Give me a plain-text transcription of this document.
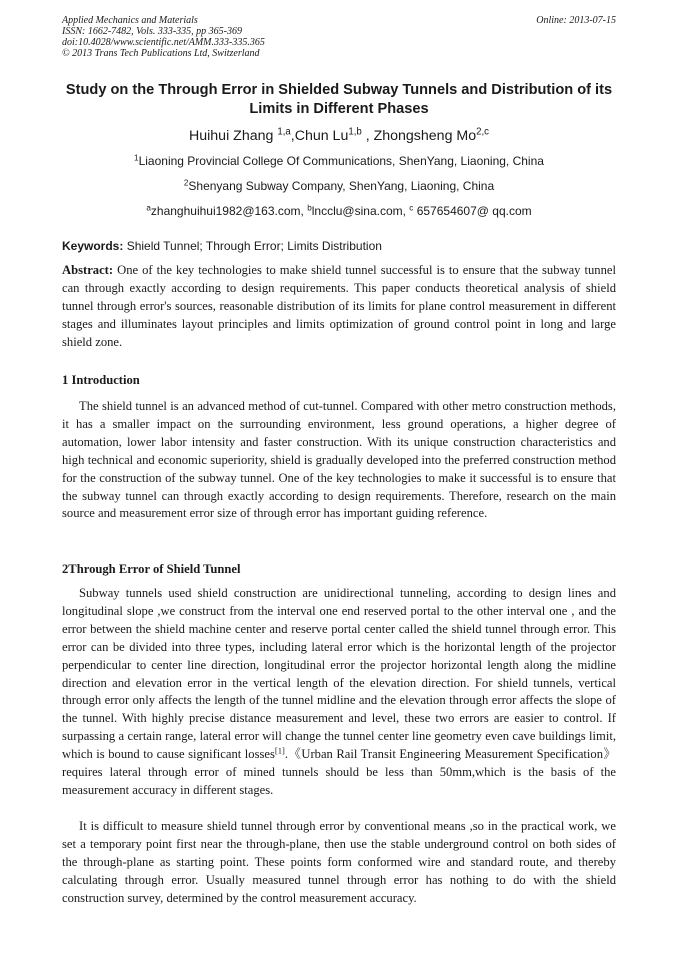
Applied Mechanics and Materials
ISSN: 1662-7482, Vols. 333-335, pp 365-369
doi:10.4028/www.scientific.net/AMM.333-335.365
© 2013 Trans Tech Publications Ltd, Switzerland
Online: 2013-07-15
Study on the Through Error in Shielded Subway Tunnels and Distribution of its Limits in Different Phases
Huihui Zhang $^{1,a}$,Chun Lu$^{1,b}$ , Zhongsheng Mo$^{2,c}$
$^1$Liaoning Provincial College Of Communications, ShenYang, Liaoning, China
$^2$Shenyang Subway Company, ShenYang, Liaoning, China
$^a$zhanghuihui1982@163.com, $^b$lncclu@sina.com, $^c$ 657654607@ qq.com
Keywords: Shield Tunnel; Through Error; Limits Distribution
Abstract: One of the key technologies to make shield tunnel successful is to ensure that the subway tunnel can through exactly according to design requirements. This paper conducts theoretical analysis of shield tunnel through error's sources, reasonable distribution of its limits for plane control measurement in different stages and illuminates layout principles and limits optimization of ground control point in long and large shield zone.
1 Introduction
The shield tunnel is an advanced method of cut-tunnel. Compared with other metro construction methods, it has a smaller impact on the surrounding environment, less ground operations, a higher degree of automation, lower labor intensity and faster construction. With its unique construction characteristics and high technical and economic superiority, shield is gradually developed into the preferred construction method for the construction of the subway tunnel. One of the key technologies to make it successful is to ensure that the subway tunnel can through exactly according to design requirements. Therefore, research on the main source and measurement error size of through error has important guiding reference.
2Through Error of Shield Tunnel
Subway tunnels used shield construction are unidirectional tunneling, according to design lines and longitudinal slope ,we construct from the interval one end reserved portal to the other interval one , and the error between the shield machine center and reserve portal center called the shield tunnel through error. This error can be divided into three types, including lateral error which is the horizontal length of the projector perpendicular to center line direction, longitudinal error the projector horizontal length along the midline direction and elevation error in the vertical length of the elevation direction. For shield tunnels, vertical through error only affects the length of the tunnel midline and the elevation through error affects the slope of the tunnel. With highly precise distance measurement and level, these two errors are easier to control. If surpassing a certain range, lateral error will change the tunnel center line geometry even cave buildings limit, which is bound to cause significant losses[1].《Urban Rail Transit Engineering Measurement Specification》requires lateral through error of mined tunnels should be less than 50mm,which is the basis of the measurement accuracy in different stages.
It is difficult to measure shield tunnel through error by conventional means ,so in the practical work, we set a temporary point first near the through-plane, then use the stable underground control on both sides of the through-plane as starting point. These points form conformed wire and standard route, and thereby calculating through error. Usually measured tunnel through error has nothing to do with the shield construction survey, determined by the control measurement accuracy.
